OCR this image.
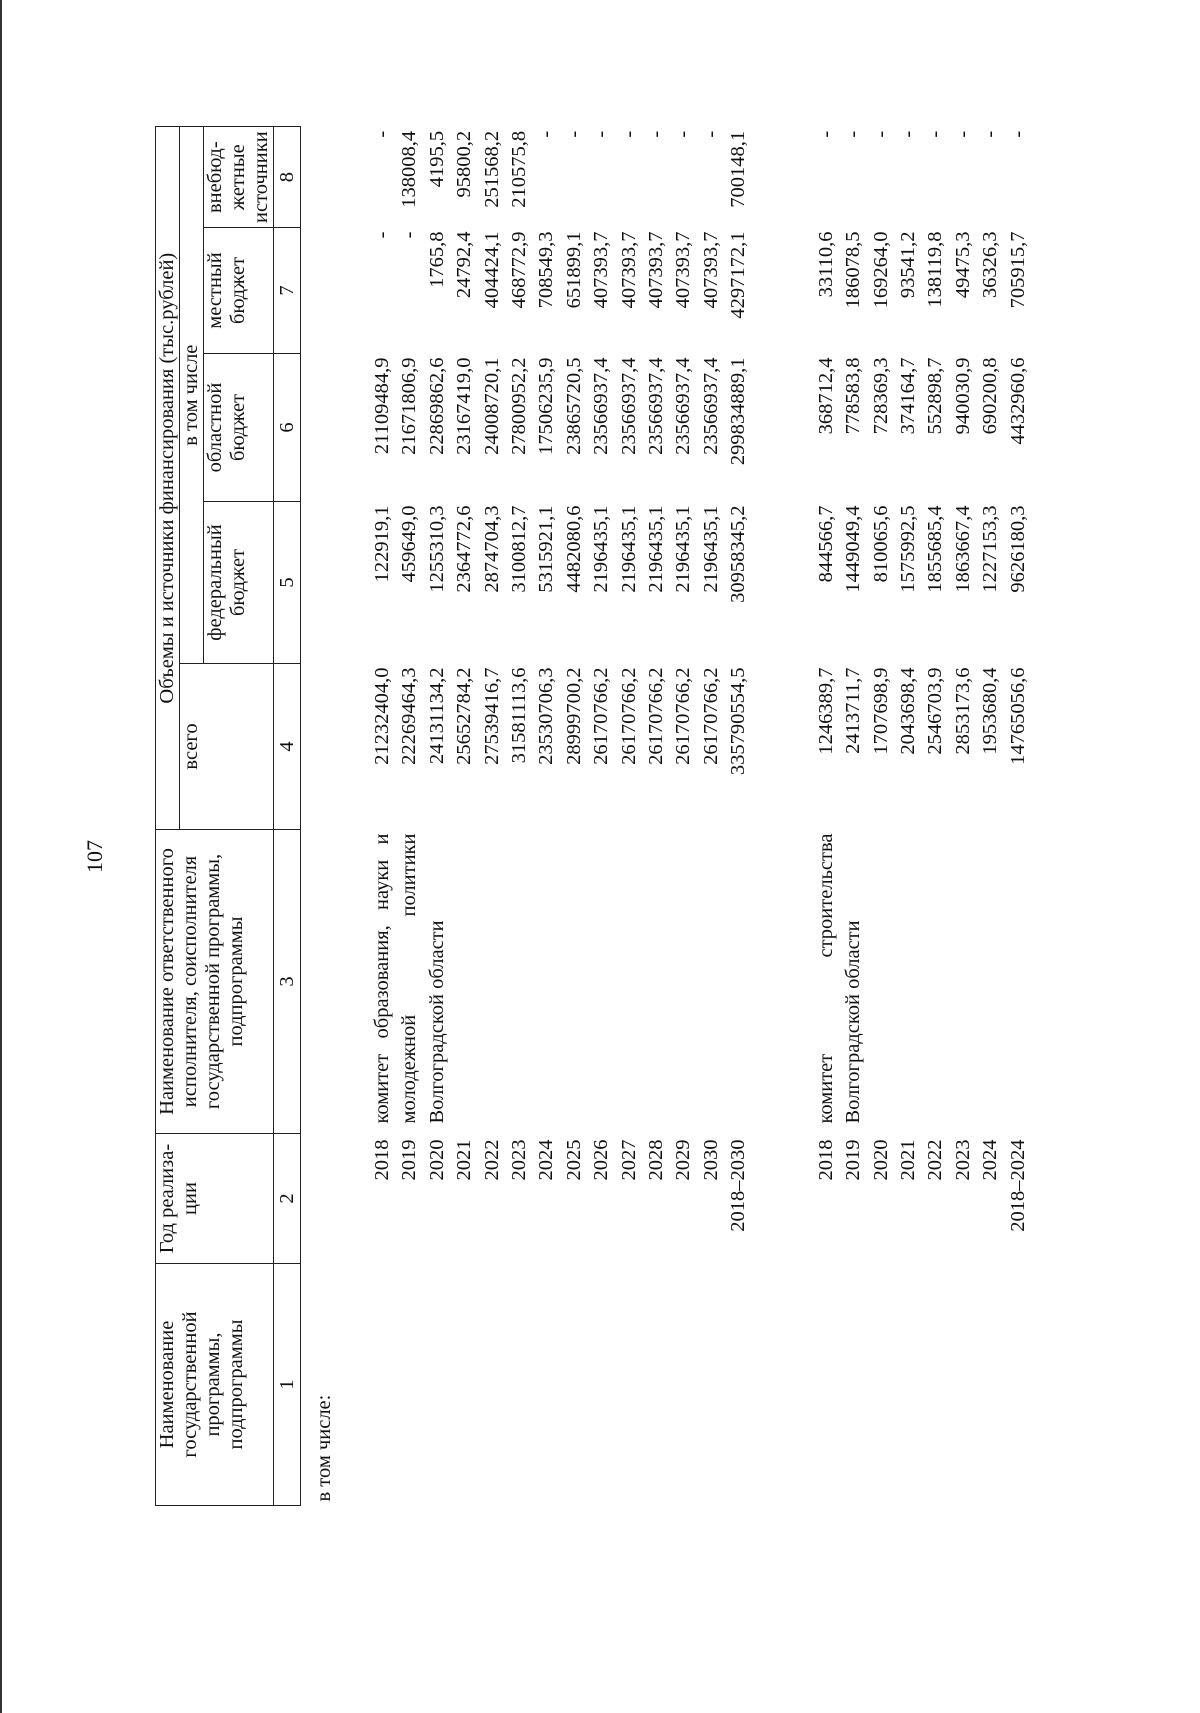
107
Наименование государственной программы, подпрограммы	Год реализа-ции	Наименование ответственного исполнителя, соисполнителя государственной программы, подпрограммы	Объемы и источники финансирования (тыс.рублей)				
			всего	в том числе			
				федеральный бюджет	областной бюджет	местный бюджет	внебюд-жетные источники
1	2	3	4	5	6	7	8
в том числе:							
	2018	комитет образования, науки и молодежной политики Волгоградской области	21232404,0	122919,1	21109484,9	-	-
	2019		22269464,3	459649,0	21671806,9	-	138008,4
	2020		24131134,2	1255310,3	22869862,6	1765,8	4195,5
	2021		25652784,2	2364772,6	23167419,0	24792,4	95800,2
	2022		27539416,7	2874704,3	24008720,1	404424,1	251568,2
	2023		31581113,6	3100812,7	27800952,2	468772,9	210575,8
	2024		23530706,3	5315921,1	17506235,9	708549,3	-
	2025		28999700,2	4482080,6	23865720,5	651899,1	-
	2026		26170766,2	2196435,1	23566937,4	407393,7	-
	2027		26170766,2	2196435,1	23566937,4	407393,7	-
	2028		26170766,2	2196435,1	23566937,4	407393,7	-
	2029		26170766,2	2196435,1	23566937,4	407393,7	-
	2030		26170766,2	2196435,1	23566937,4	407393,7	-
	2018–2030		335790554,5	30958345,2	299834889,1	4297172,1	700148,1

	2018	комитет строительства Волгоградской области	1246389,7	844566,7	368712,4	33110,6	-
	2019		2413711,7	1449049,4	778583,8	186078,5	-
	2020		1707698,9	810065,6	728369,3	169264,0	-
	2021		2043698,4	1575992,5	374164,7	93541,2	-
	2022		2546703,9	1855685,4	552898,7	138119,8	-
	2023		2853173,6	1863667,4	940030,9	49475,3	-
	2024		1953680,4	1227153,3	690200,8	36326,3	-
	2018–2024		14765056,6	9626180,3	4432960,6	705915,7	-
